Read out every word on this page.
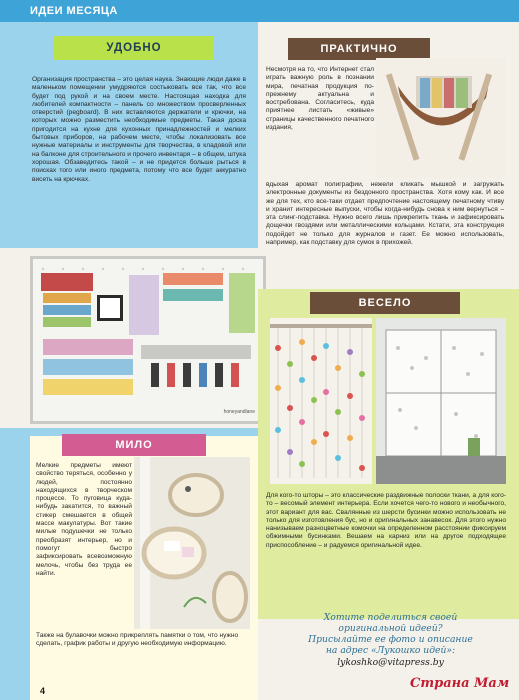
ИДЕИ МЕСЯЦА
УДОБНО
Организация пространства – это целая наука. Знающие люди даже в маленьком помещении умудряются состыковать все так, что все будет под рукой и на своем месте. Настоящая находка для любителей компактности – панель со множеством просверленных отверстий (pegboard). В них вставляются держатели и крючки, на которых можно разместить необходимые предметы. Такая доска пригодится на кухне для кухонных принадлежностей и мелких бытовых приборов, на рабочем месте, чтобы локализовать все нужные материалы и инструменты для творчества, в кладовой или на балконе для строительного и прочего инвентаря – в общем, штука хорошая. Обзаведитесь такой – и не придется больше рыться в поисках того или иного предмета, потому что все будет аккуратно висеть на крючках.
ПРАКТИЧНО
Несмотря на то, что Интернет стал играть важную роль в познании мира, печатная продукция по-прежнему актуальна и востребована. Согласитесь, куда приятнее листать «живые» страницы качественного печатного издания,
вдыхая аромат полиграфии, нежели кликать мышкой и загружать электронные документы из бездонного пространства. Хотя кому как. И все же для тех, кто все-таки отдает предпочтение настоящему печатному чтиву и хранит интересные выпуски, чтобы когда-нибудь снова к ним вернуться – эта слинг-подставка. Нужно всего лишь прикрепить ткань и зафиксировать дощечки гвоздями или металлическими кольцами. Кстати, эта конструкция подойдет не только для журналов и газет. Ее можно использовать, например, как подставку для сумок в прихожей.
honeyandlane
ВЕСЕЛО
Для кого-то шторы – это классические раздвижные полоски ткани, а для кого-то – весомый элемент интерьера. Если хочется чего-то нового и необычного, этот вариант для вас. Свалянные из шерсти бусинки можно использовать не только для изготовления бус, но и оригинальных занавесок. Для этого нужно нанизываем разноцветные комочки на определенном расстоянии фиксируем обжимными бусинками. Вешаем на карниз или на другое подходящее приспособление – и радуемся оригинальной идее.
МИЛО
Мелкие предметы имеют свойство теряться, особенно у людей, постоянно находящихся в творческом процессе. То пуговица куда-нибудь закатится, то важный стикер смешается в общей массе макулатуры. Вот такие милые подушечки не только преобразят интерьер, но и помогут быстро зафиксировать всевозможную мелочь, чтобы без труда ее найти.
Также на булавочки можно прикреплять памятки о том, что нужно сделать, график работы и другую необходимую информацию.
Хотите поделиться своей
оригинальной идеей?
Присылайте ее фото и описание
на адрес «Лукошко идей»:
lykoshko@vitapress.by
4	Страна Мам
